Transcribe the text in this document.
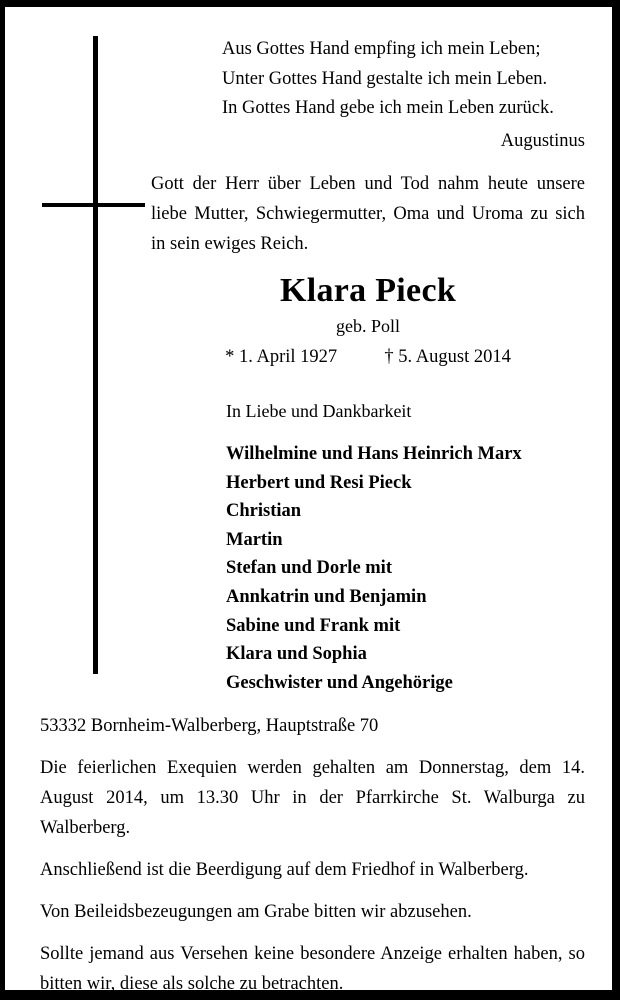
Aus Gottes Hand empfing ich mein Leben;
Unter Gottes Hand gestalte ich mein Leben.
In Gottes Hand gebe ich mein Leben zurück.
Augustinus
Gott der Herr über Leben und Tod nahm heute unsere liebe Mutter, Schwiegermutter, Oma und Uroma zu sich in sein ewiges Reich.
Klara Pieck
geb. Poll
* 1. April 1927	† 5. August 2014
In Liebe und Dankbarkeit
Wilhelmine und Hans Heinrich Marx
Herbert und Resi Pieck
Christian
Martin
Stefan und Dorle mit
Annkatrin und Benjamin
Sabine und Frank mit
Klara und Sophia
Geschwister und Angehörige
53332 Bornheim-Walberberg, Hauptstraße 70
Die feierlichen Exequien werden gehalten am Donnerstag, dem 14. August 2014, um 13.30 Uhr in der Pfarrkirche St. Walburga zu Walberberg.
Anschließend ist die Beerdigung auf dem Friedhof in Walberberg.
Von Beileidsbezeugungen am Grabe bitten wir abzusehen.
Sollte jemand aus Versehen keine besondere Anzeige erhalten haben, so bitten wir, diese als solche zu betrachten.
